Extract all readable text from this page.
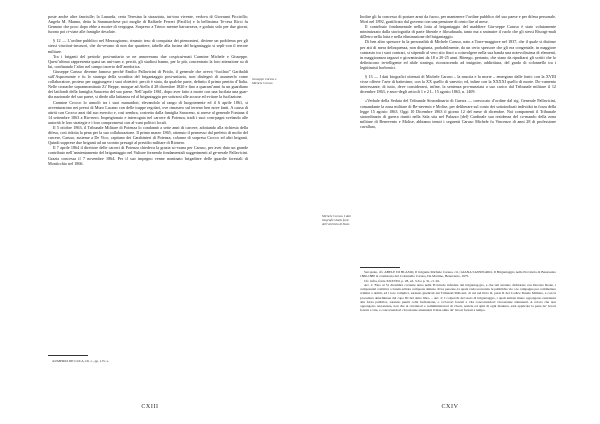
poste anche altre fanciulle; la Lunarda, certa Teresina la strazziata, tut-tora vivente, vedova di Giovanni Piccirillo; Angela M. Manna, detta la Sammarchese poi moglie di Raffaele Ferreri (Pacillo) e la bellissima Te-resa Ricci fu Gennaro che poco dopo ebbe a morire di vergogna. Sorpreso a Trinco mentre barcareava, e goduto solo per due giorni, furono poi ri-viate alle famiglie desolate.

§ 12 — L’ordine pubblico nel Mezzogiorno, rimasto teso di conquista dei piemontesi, diviene un problema per gli stessi vincitori-invasori, che do-vevano di non dar quartiere, tabelle alla fucina del brigantaggio si sepli-con il terrore militare.

Tra i briganti del periodo post-unitario se ne annoverano due cospicui-mati Carmine Michele e Giuseppe. Quest’ultimo rappresenta quasi un uni-cum e, perciò, gli studiosi hanno, per lo più, concentrato la loro attenzione su di lui, confinando l’altro nel campo incerto dell’anedotica.

Giuseppe Caruso divenne famoso perché Emilio Pallavicini di Priolo, il generale che aveva “fucilato” Garibaldi sull’Aspromonte e fu lo stratega della sconfitta del brigantaggio post-unitario, non disdegnò di assumerlo come collaboratore, proteso per raggiungere i suoi obiettivi: perciò è stato, da qualche parte, definito il primo pentito d’Italia. Nelle cronache soprannominato Zi’ Beppe, morgue ad Atella il 28 dicembre 1820 e fino a quarant’anni fu un guardiano dei latifondi della famiglia Saraceno del suo paese. Nell’aprile 1861, dopo aver fatto a morte con una fucilata una guar-dia nazionale del suo paese, si diede alla latitanza ed al brigantaggio per sottrarsi alle accuse ed evitare la fucilazione.

Carmine Crocco lo armolò tra i suoi manutdori, elevandolo al rango di luogotenente ed il 6 aprile 1861, si avventurarono nei pressi di Muro Lucano con delle truppe regolari, ove rimasero sul terreno ben nove fanti. A causa di attriti con Crocco anzi dal suo esercito e, così sembra, costretto dalla famiglia Saraceno, si arrese al generale Fontana il 14 settembre 1863 a Rio-nero. Impeigionato e interrogato nel carcere di Potenza, tradì i suoi com-pagni svelando alle autorità le loro strategie e i loro compromessi con al-cuni politici locali.

Il 5 ottobre 1863, il Tribunale Militare di Potenza lo condannò a sette anni di carcere, adottando alla richiesta della difesa, così ridotta la pena per la sua collaborazione. Il primo marzo 1865, ottenuto il permesso dal prefetto di molto del carcere, Caruso, assieme a De Vico, capitano dei Carabinieri di Potenza, colonne di sorpresa Crocco ed altri briganti. Quindi sopprese due briganti ad un scontro presagò al presidio militare di Rionero.

Il 7 aprile 1864 il direttore delle carceri di Potenza chiedeva la grazia so-vrana per Caruso, per aver dato un grande contributo nell’annientamento del brigantaggio nel Vulture fornendo fondamentali suggerimenti al ge-nerale Pallavicini. Grazia concessa il 7 novembre 1864. Per il suo impegno venne nominato brigadiere delle guardie forestali di Monticchio nel 1866.

Giuseppe Caruso e Michele Caruso

AUMERIO DE LUCA, Or. c., pp. 115, s.

CXIII

Inoltre gli fu concesso di portare armi da fuoco, per mantenere l’ordine pubblico del suo paese e per difesa personale. Morì nel 1892, gratificato dal governo con una pensione di cento lire al mese.

Il contributo fondamentale nella lotta al brigantaggio del maddiere Giu-seppe Caruso è stato volutamente minimizzato dalla storiografia di parte liberale e filosabauda, tanto ma a sminuire il ruolo che gli stessi Risorgi-mali diDetro nella lotta e nella eliminazione del brigantaggio.

Di ben altro spessore fu la personalità di Michele Caruso, nato a Torre-maggiore nel 1837, che il quale si distinse per atti di mera delinquenza, non disgiunta, probabilmente, da un certo spessore che gli era congeniale, in maggiore contrasto tra i suoi contrari, si stipendò al vero sito finoi a coinvolgere nella sua banda una notevolissima di elementi, in maggioranza ragazzi e giovanissimi da 18 a 20-25 anni. Ritengo, pertanto, che siano da ripudiarsi gli scritti che lo definiscono in-telligente ed abile stratega, riconoscendo ad insignire, addirittura, del grado di colonnello tra i legittimisti borbonici.

§ 13 — I dati biografici ottenuti di Michele Caruso – la nascita e la morte – emergono dalle fonti: con la XVIII visse offerte l’arte di battesimo, con la XX quello di vanvito; ed, infine con la XXXXI quello di morte. Do-cumento interessante, di tutto, deve considerarsi, infine, la sentenza pro-nunziata a suo carico dal Tribunale militare il 12 dicembre 1863, e anco-degli articoli 1 e 2 L. 15 agosto 1863, n. 1409.

«Verbale della Seduta del Tribunale Straordinario di Guerra — convocato d’ordine dal sig. Generale Pallavicini, comandante la zona militare di Be-nevento e Molise, per deliberare sul conto dei sottoindicati individui in forza della legge 15 agosto 1863. Oggi 10 Dicembre 1863 il giorno 12 del mese di dicembre. Noi componenti il Tribunale straordinario di guerra riuniti nella Sala sita nel Palazzo [del] Cardinale sua residenza del co-mando della zona militare di Benevento e Molise, abbiamo tenuti i seguenti Caruso Michele fu Vincenzo di anni 28 di professione cavallaro,

Michele Caruso. I dati biografici dalla fonti dell’Archivio di Stato

Sul quale, cfr. ABELE DI BLASIO, Il brigante Michele Caruso, cit.; GIANA SANSEGRIO, Il Brigantaggio nella Provincia di Benevento 1860-1880 la cronistoria del Colonnello Caruso, De Martino, Benevento, 1975.

Cfr. infra, fonte XXXVIII, p. 28, ed. 3-6 e p. 31, cl. 26.

Art. 1: Fino al 31 dicembre corrente anno nelle Provincie infestate dal brigantag-gio, e che tali saranno dichiarate con Decreto Reale, i componenti comitive o banda armata composta almeno di tre persone, la quale vada scorrendo le pubbliche vie o le campagne per commettere crimini o delitti, ed i loro complici, saranno giudicati dai Tribunali Mili-tari, di cui nel libro II, parte II del Codice Penale Militare, e con la procedura determinata dal capo III del detto libro. – Art. 2: I colpevoli del reato di brigantaggio, i quali armata mano oppongono resistenza alla forza pubblica, saranno puniti colla fucilazione, o co’lavori forzati a vita concorrendovi circostanze attenuanti. A coloro che non oppongono resi-stenza, non che ai ricettatori e somministratori di viveri, notizie ed ajuti di ogni maniera, sarà applicata la pena de’ lavori forzati a vita, e concorrendovi circostanze attenuanti il mas-simo de’ lavori forzati a tempo.

CXIV
